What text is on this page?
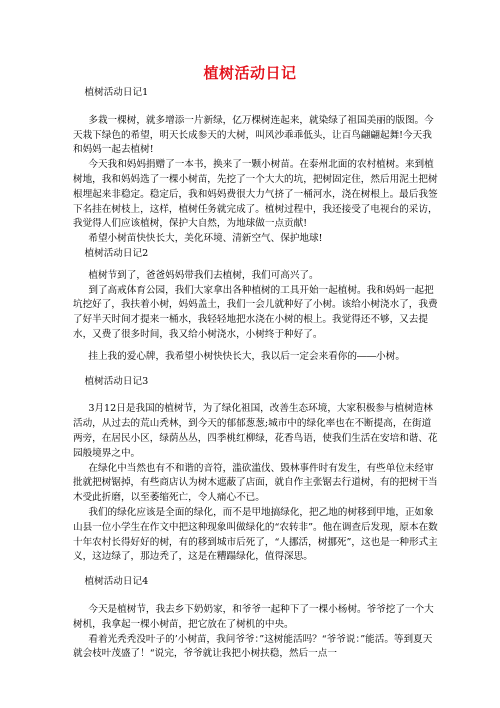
植树活动日记

植树活动日记1

多栽一棵树，就多增添一片新绿，亿万棵树连起来，就染绿了祖国美丽的版图。今天栽下绿色的希望，明天长成参天的大树，叫风沙乖乖低头，让百鸟翩翩起舞!今天我和妈妈一起去植树!

今天我和妈妈捐赠了一本书，换来了一颗小树苗。在泰州北面的农村植树。来到植树地，我和妈妈选了一棵小树苗，先挖了一个大大的坑，把树固定住，然后用泥土把树根埋起来非稳定。稳定后，我和妈妈费很大力气挤了一桶河水，浇在树根上。最后我签下名挂在树枝上，这样，植树任务就完成了。植树过程中，我还接受了电视台的采访，我觉得人们应该植树，保护大自然，为地球做一点贡献!

希望小树苗快快长大，美化环境、清新空气、保护地球!

植树活动日记2

植树节到了，爸爸妈妈带我们去植树，我们可高兴了。

到了高戒体育公园，我们大家拿出各种植树的工具开始一起植树。我和妈妈一起把坑挖好了，我扶着小树，妈妈盖土，我们一会儿就种好了小树。该给小树浇水了，我费了好半天时间才提来一桶水，我轻轻地把水浇在小树的根上。我觉得还不够，又去提水，又费了很多时间，我又给小树浇水，小树终于种好了。

挂上我的爱心牌，我希望小树快快长大，我以后一定会来看你的――小树。

植树活动日记3

3月12日是我国的植树节，为了绿化祖国，改善生态环境，大家积极参与植树造林活动，从过去的荒山秃林，到今天的郁郁葱葱;城市中的绿化率也在不断提高，在街道两旁，在居民小区，绿荫丛丛，四季桃红柳绿，花香鸟语，使我们生活在安培和谐、花园般境界之中。

在绿化中当然也有不和谐的音符，滥砍滥伐、毁林事件时有发生，有些单位未经审批就把树锯掉，有些商店认为树木遮蔽了店面，就自作主张锯去行道树，有的把树干当木受此折磨，以至萎缩死亡，令人痛心不已。

我们的绿化应该是全面的绿化，而不是甲地搞绿化，把乙地的树移到甲地，正如象山县一位小学生在作文中把这种现象叫做绿化的“农转非”。他在调查后发现，原本在数十年农村长得好好的树，有的移到城市后死了，“人挪活，树挪死”，这也是一种形式主义，这边绿了，那边秃了，这是在糟蹋绿化，值得深思。

植树活动日记4

今天是植树节，我去乡下奶奶家，和爷爷一起种下了一棵小杨树。爷爷挖了一个大树机，我拿起一棵小树苗，把它放在了树机的中央。

看着光秃秃没叶子的’小树苗，我问爷爷：”这树能活吗？“爷爷说：”能活。等到夏天就会枝叶茂盛了！“说完，爷爷就让我把小树扶稳，然后一点一
